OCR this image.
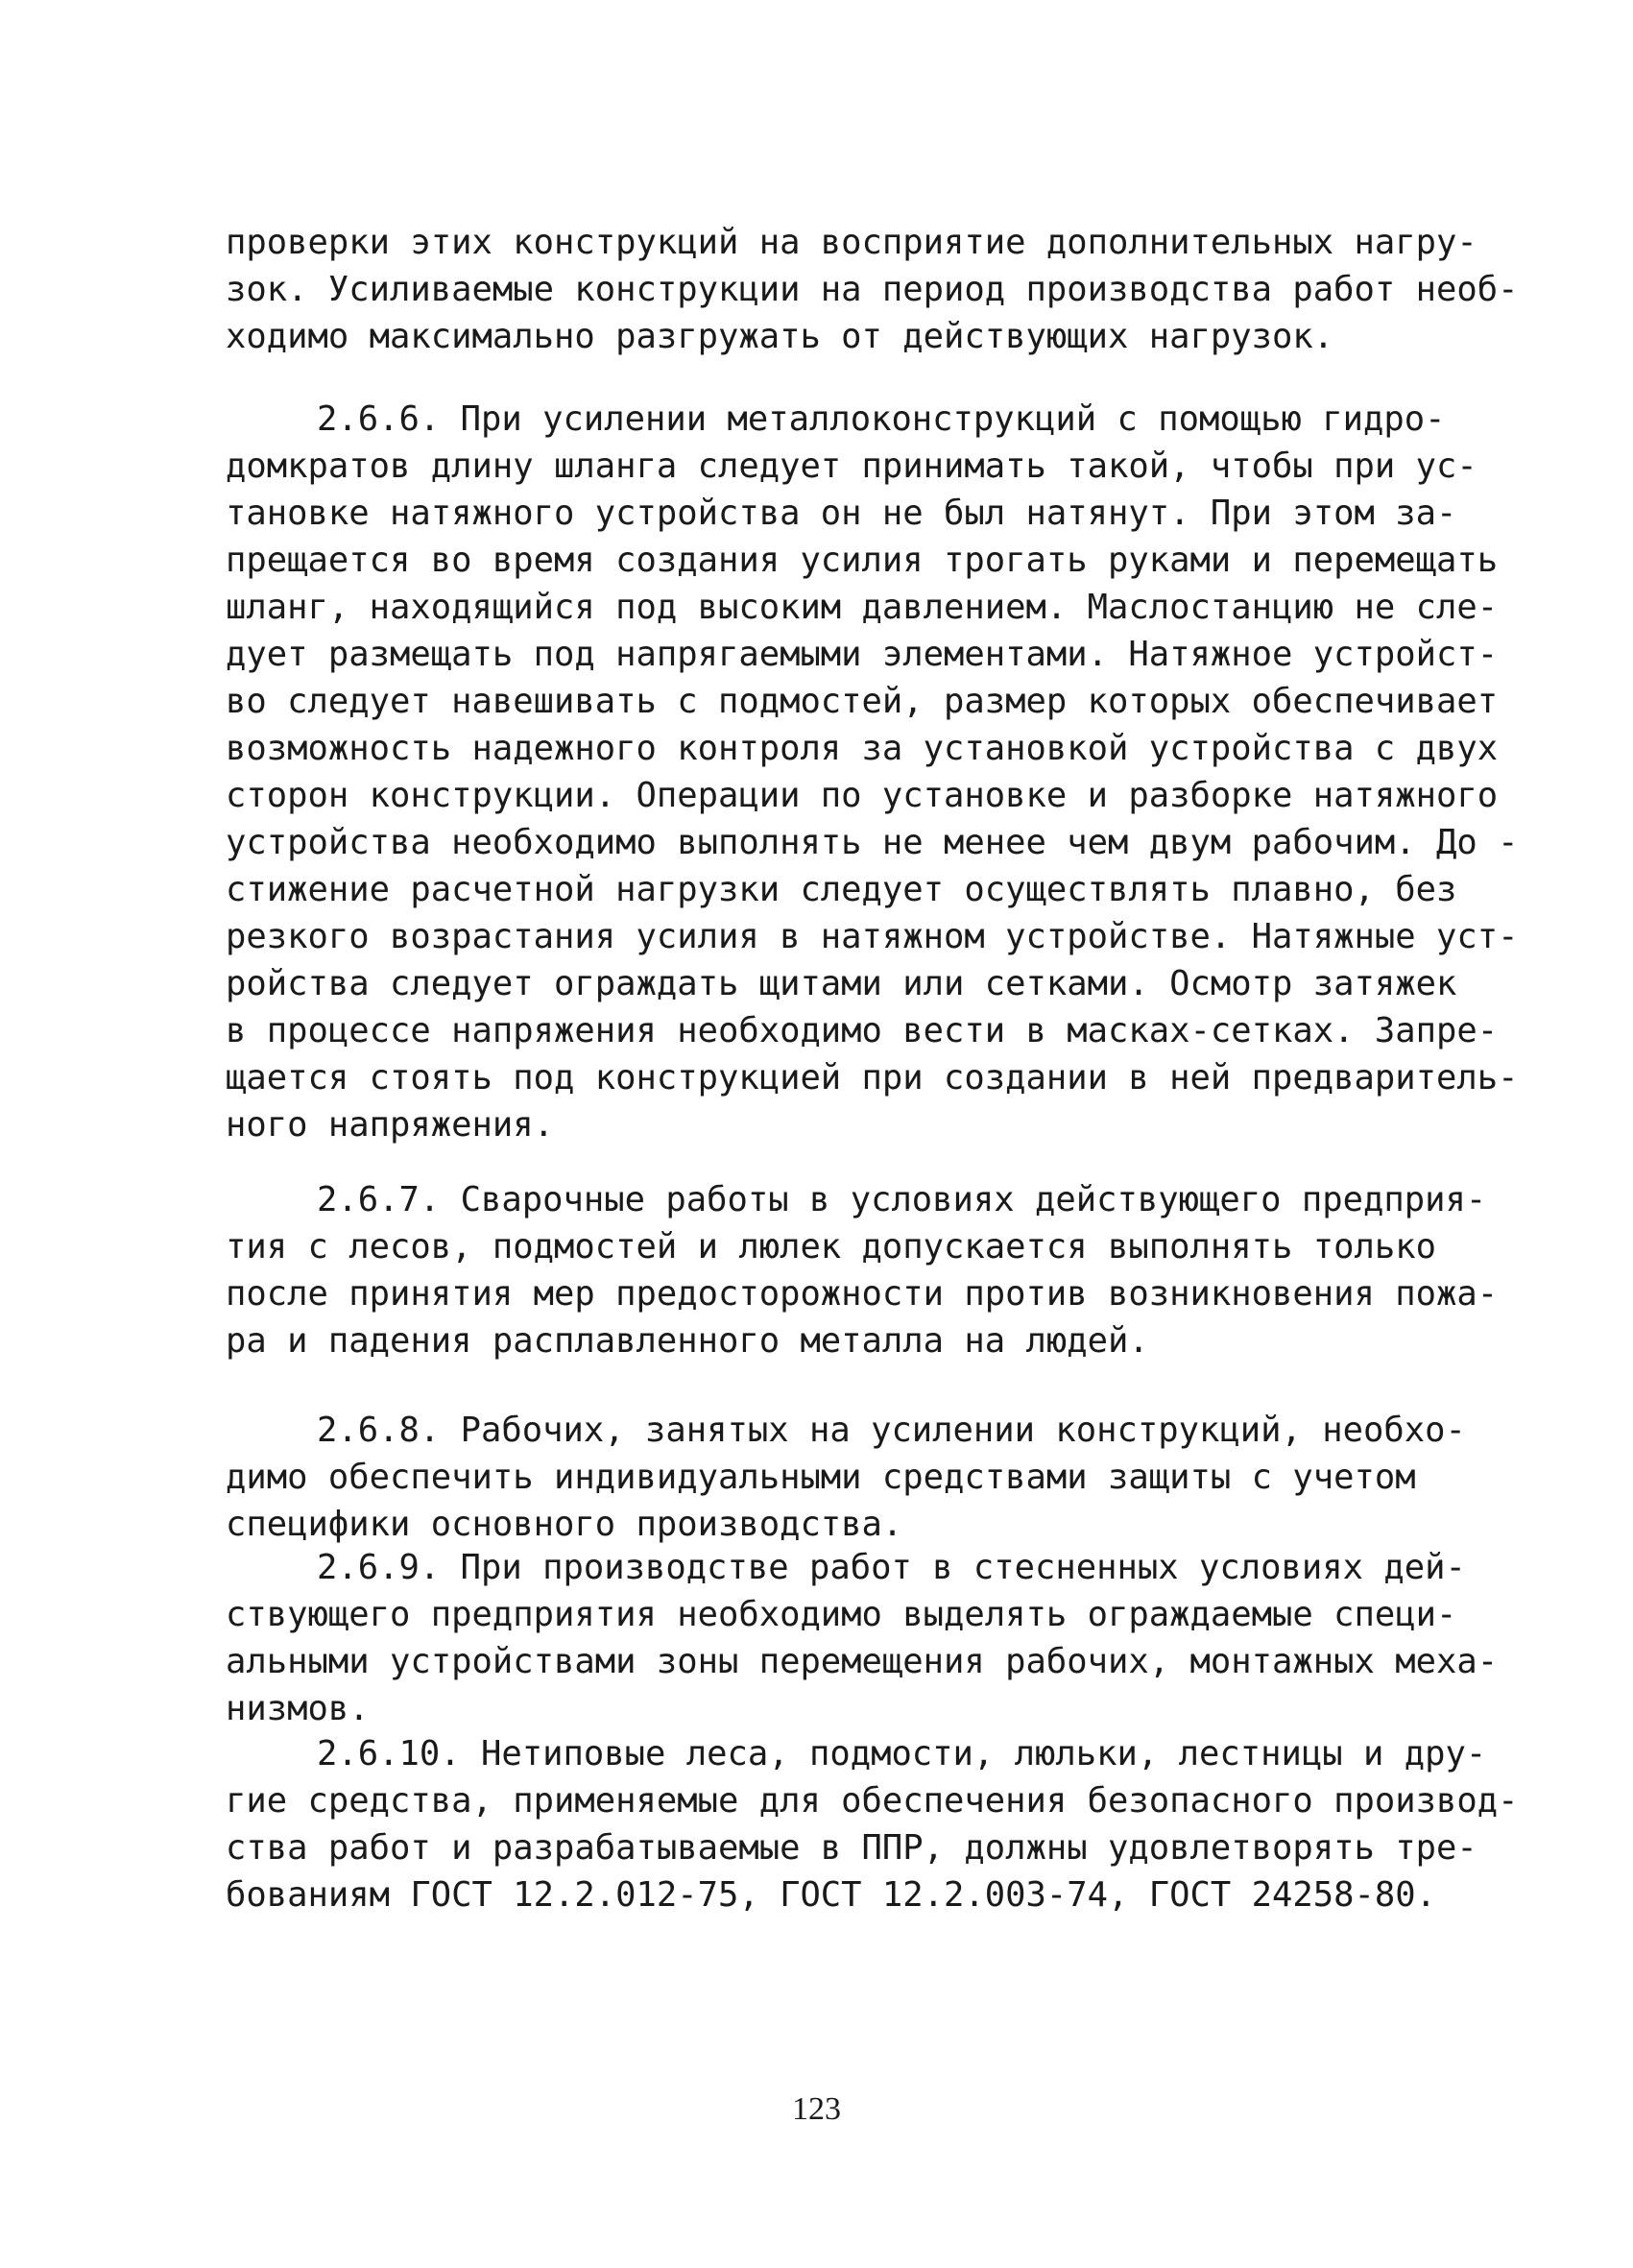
проверки этих конструкций на восприятие дополнительных нагру-
зок. Усиливаемые конструкции на период производства работ необ-
ходимо максимально разгружать от действующих нагрузок.
2.6.6. При усилении металлоконструкций с помощью гидро-
домкратов длину шланга следует принимать такой, чтобы при ус-
тановке натяжного устройства он не был натянут. При этом за-
прещается во время создания усилия трогать руками и перемещать
шланг, находящийся под высоким давлением. Маслостанцию не сле-
дует размещать под напрягаемыми элементами. Натяжное устройст-
во следует навешивать с подмостей, размер которых обеспечивает
возможность надежного контроля за установкой устройства с двух
сторон конструкции. Операции по установке и разборке натяжного
устройства необходимо выполнять не менее чем двум рабочим. До -
стижение расчетной нагрузки следует осуществлять плавно, без
резкого возрастания усилия в натяжном устройстве. Натяжные уст-
ройства следует ограждать щитами или сетками. Осмотр затяжек
в процессе напряжения необходимо вести в масках-сетках. Запре-
щается стоять под конструкцией при создании в ней предваритель-
ного напряжения.
2.6.7. Сварочные работы в условиях действующего предприя-
тия с лесов, подмостей и люлек допускается выполнять только
после принятия мер предосторожности против возникновения пожа-
ра и падения расплавленного металла на людей.
2.6.8. Рабочих, занятых на усилении конструкций, необхо-
димо обеспечить индивидуальными средствами защиты с учетом
специфики основного производства.
2.6.9. При производстве работ в стесненных условиях дей-
ствующего предприятия необходимо выделять ограждаемые специ-
альными устройствами зоны перемещения рабочих, монтажных меха-
низмов.
2.6.10. Нетиповые леса, подмости, люльки, лестницы и дру-
гие средства, применяемые для обеспечения безопасного производ-
ства работ и разрабатываемые в ППР, должны удовлетворять тре-
бованиям ГОСТ 12.2.012-75, ГОСТ 12.2.003-74, ГОСТ 24258-80.
123
